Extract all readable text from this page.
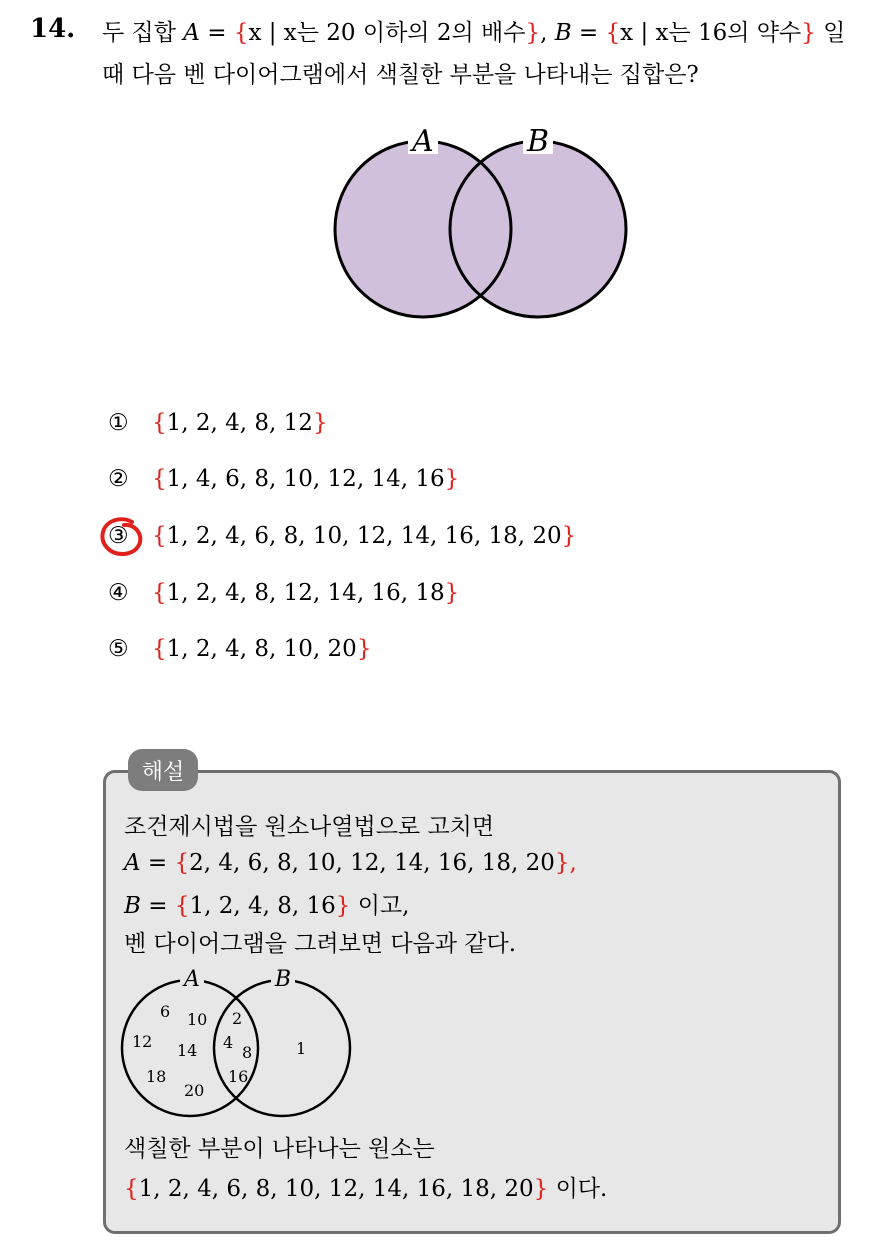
14. 두 집합 A = {x | x는 20 이하의 2의 배수}, B = {x | x는 16의 약수} 일
때 다음 벤 다이어그램에서 색칠한 부분을 나타내는 집합은?
A	B
①	{ 1, 2, 4, 8, 12 }
②	{ 1, 4, 6, 8, 10, 12, 14, 16 }
③	{ 1, 2, 4, 6, 8, 10, 12, 14, 16, 18, 20 }
④	{ 1, 2, 4, 8, 12, 14, 16, 18 }
⑤	{ 1, 2, 4, 8, 10, 20 }
해설
조건제시법을 원소나열법으로 고치면
A = {2, 4, 6, 8, 10, 12, 14, 16, 18, 20},
B = {1, 2, 4, 8, 16} 이고,
벤 다이어그램을 그려보면 다음과 같다.
A	B
6 10
12 14
18
20
2
4
8
16
1
색칠한 부분이 나타나는 원소는
{1, 2, 4, 6, 8, 10, 12, 14, 16, 18, 20} 이다.
